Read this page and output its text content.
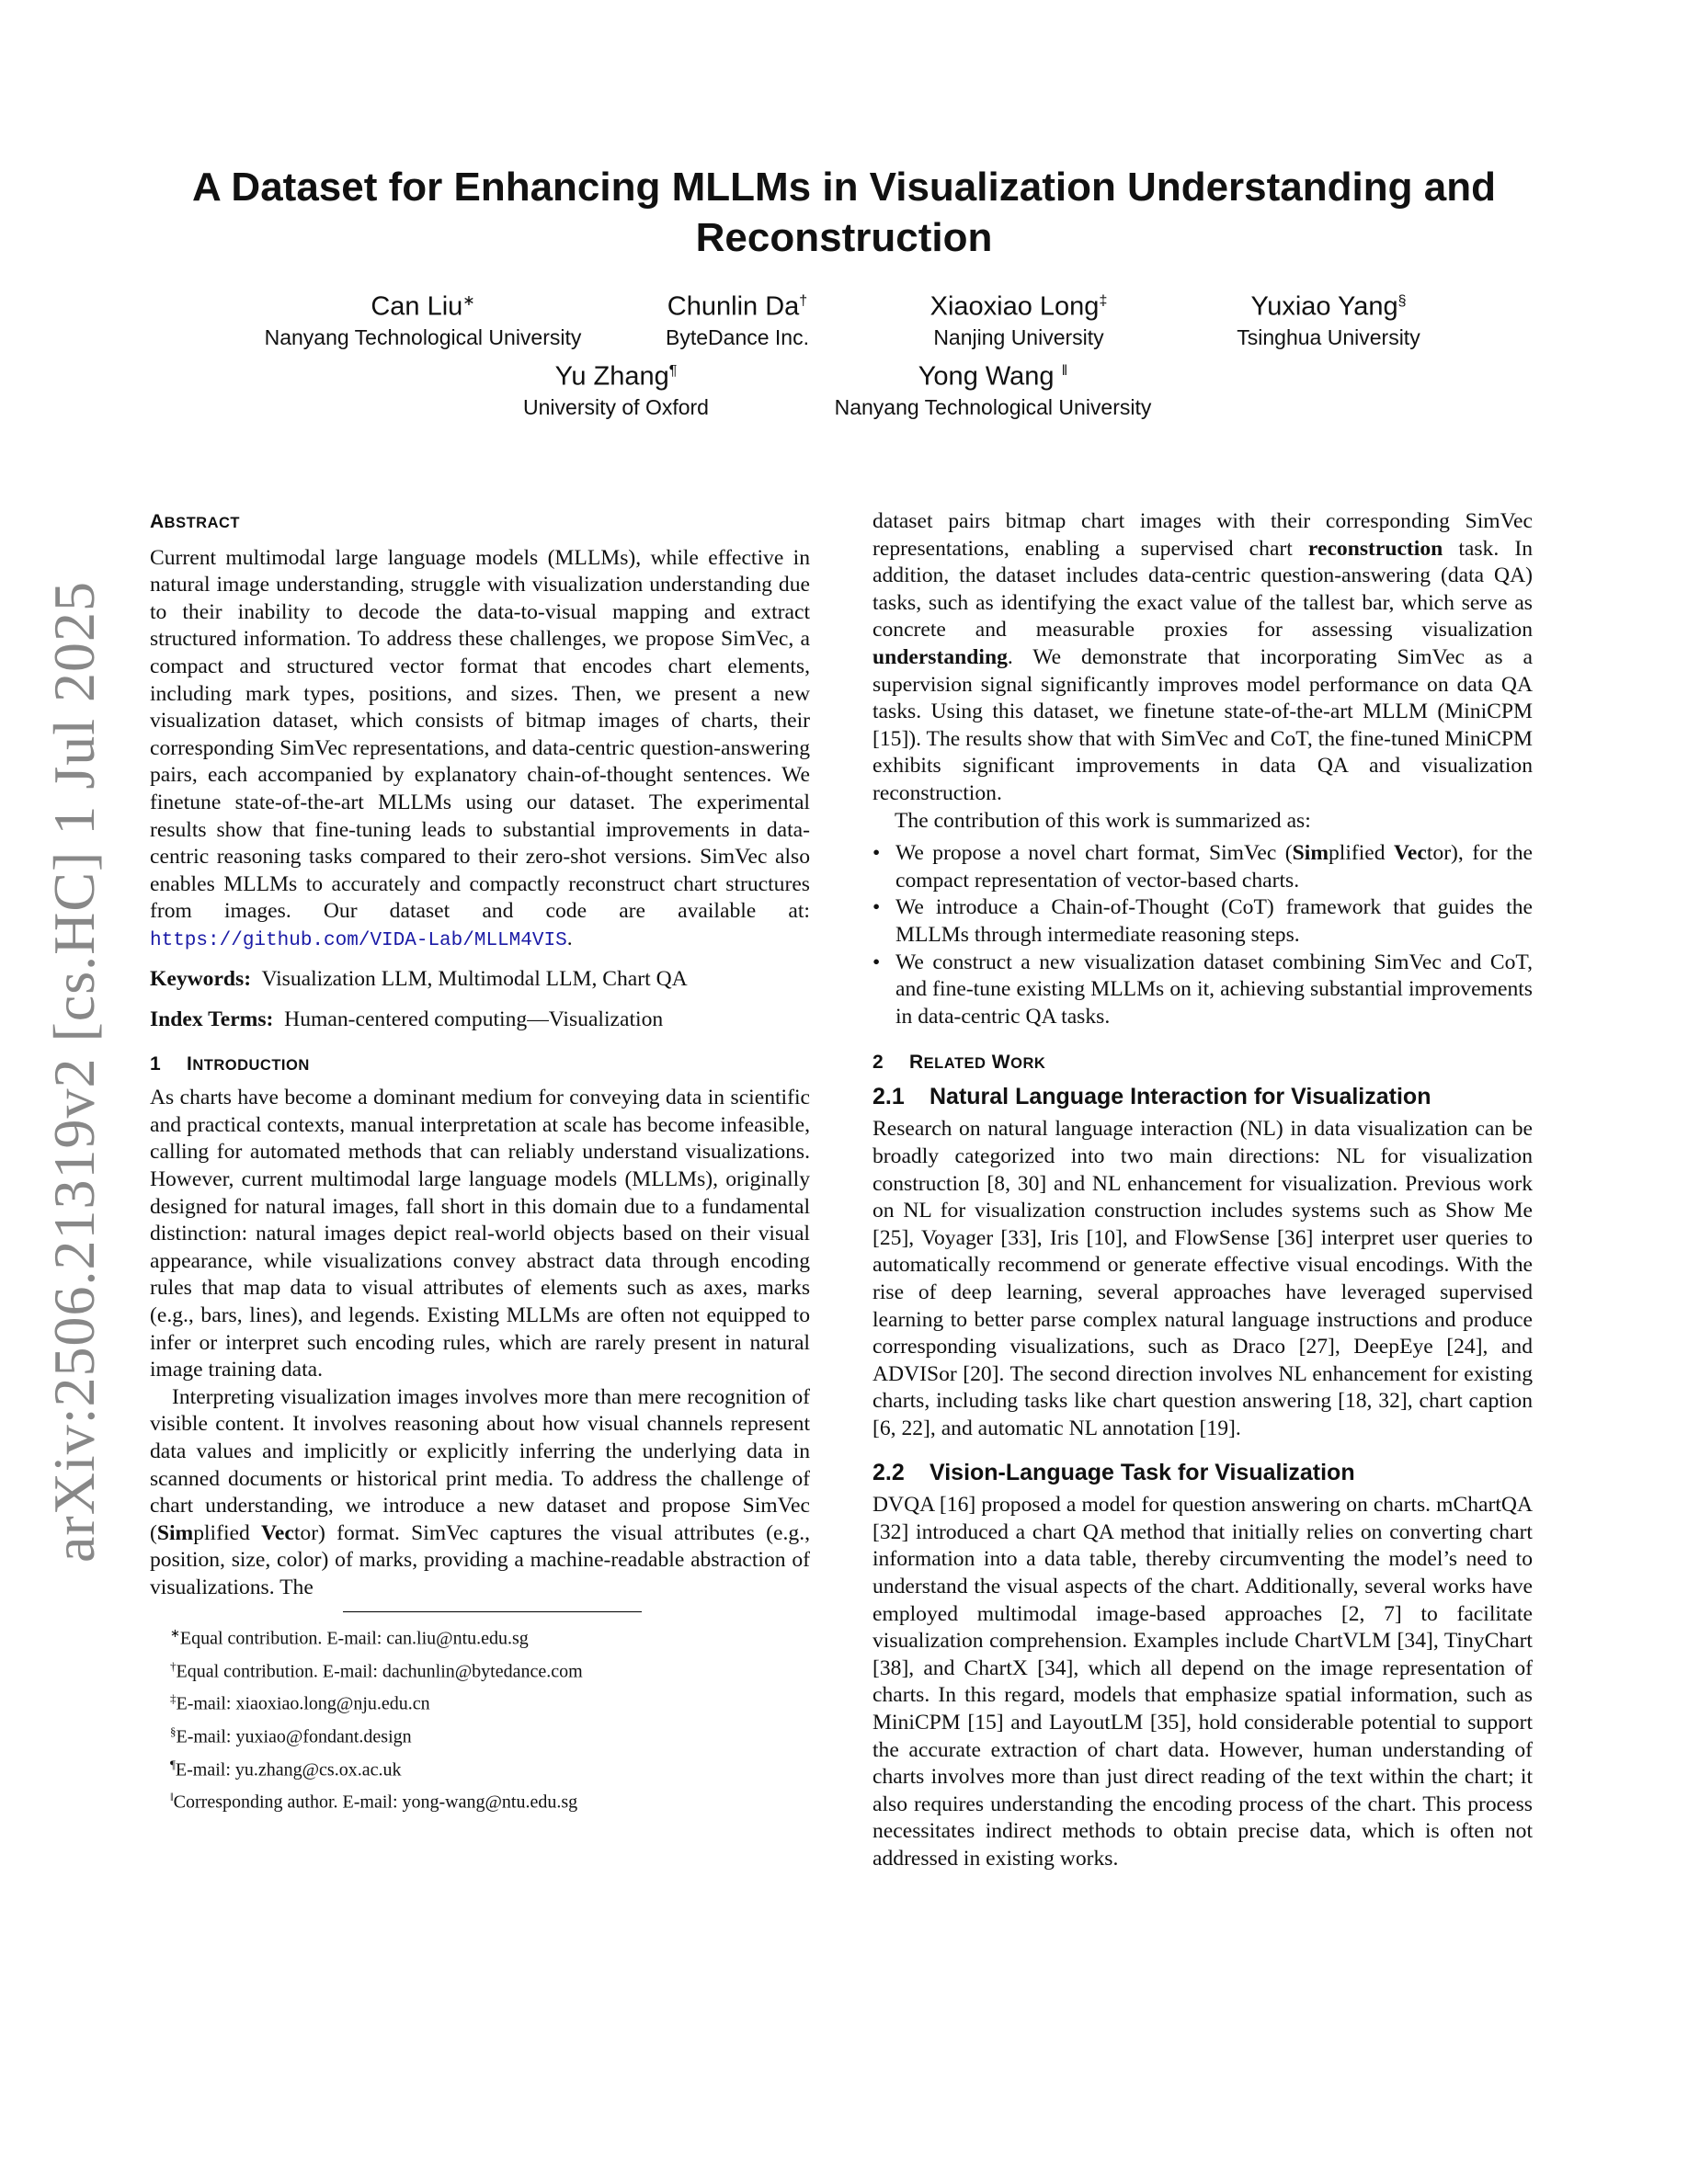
arXiv:2506.21319v2 [cs.HC] 1 Jul 2025
A Dataset for Enhancing MLLMs in Visualization Understanding and
Reconstruction
Can Liu∗
Nanyang Technological University
Chunlin Da†
ByteDance Inc.
Xiaoxiao Long‡
Nanjing University
Yuxiao Yang§
Tsinghua University
Yu Zhang¶
University of Oxford
Yong Wang ‖
Nanyang Technological University

ABSTRACT

Current multimodal large language models (MLLMs), while effective in natural image understanding, struggle with visualization understanding due to their inability to decode the data-to-visual mapping and extract structured information. To address these challenges, we propose SimVec, a compact and structured vector format that encodes chart elements, including mark types, positions, and sizes. Then, we present a new visualization dataset, which consists of bitmap images of charts, their corresponding SimVec representations, and data-centric question-answering pairs, each accompanied by explanatory chain-of-thought sentences. We finetune state-of-the-art MLLMs using our dataset. The experimental results show that fine-tuning leads to substantial improvements in data-centric reasoning tasks compared to their zero-shot versions. SimVec also enables MLLMs to accurately and compactly reconstruct chart structures from images. Our dataset and code are available at: https://github.com/VIDA-Lab/MLLM4VIS.

Keywords: Visualization LLM, Multimodal LLM, Chart QA

Index Terms: Human-centered computing—Visualization

1 INTRODUCTION

As charts have become a dominant medium for conveying data in scientific and practical contexts, manual interpretation at scale has become infeasible, calling for automated methods that can reliably understand visualizations. However, current multimodal large language models (MLLMs), originally designed for natural images, fall short in this domain due to a fundamental distinction: natural images depict real-world objects based on their visual appearance, while visualizations convey abstract data through encoding rules that map data to visual attributes of elements such as axes, marks (e.g., bars, lines), and legends. Existing MLLMs are often not equipped to infer or interpret such encoding rules, which are rarely present in natural image training data.

Interpreting visualization images involves more than mere recognition of visible content. It involves reasoning about how visual channels represent data values and implicitly or explicitly inferring the underlying data in scanned documents or historical print media. To address the challenge of chart understanding, we introduce a new dataset and propose SimVec (Simplified Vector) format. SimVec captures the visual attributes (e.g., position, size, color) of marks, providing a machine-readable abstraction of visualizations. The

∗Equal contribution. E-mail: can.liu@ntu.edu.sg
†Equal contribution. E-mail: dachunlin@bytedance.com
‡E-mail: xiaoxiao.long@nju.edu.cn
§E-mail: yuxiao@fondant.design
¶E-mail: yu.zhang@cs.ox.ac.uk
‖Corresponding author. E-mail: yong-wang@ntu.edu.sg

dataset pairs bitmap chart images with their corresponding SimVec representations, enabling a supervised chart reconstruction task. In addition, the dataset includes data-centric question-answering (data QA) tasks, such as identifying the exact value of the tallest bar, which serve as concrete and measurable proxies for assessing visualization understanding. We demonstrate that incorporating SimVec as a supervision signal significantly improves model performance on data QA tasks. Using this dataset, we finetune state-of-the-art MLLM (MiniCPM [15]). The results show that with SimVec and CoT, the fine-tuned MiniCPM exhibits significant improvements in data QA and visualization reconstruction.

The contribution of this work is summarized as:

• We propose a novel chart format, SimVec (Simplified Vector), for the compact representation of vector-based charts.
• We introduce a Chain-of-Thought (CoT) framework that guides the MLLMs through intermediate reasoning steps.
• We construct a new visualization dataset combining SimVec and CoT, and fine-tune existing MLLMs on it, achieving substantial improvements in data-centric QA tasks.

2 RELATED WORK

2.1 Natural Language Interaction for Visualization

Research on natural language interaction (NL) in data visualization can be broadly categorized into two main directions: NL for visualization construction [8, 30] and NL enhancement for visualization. Previous work on NL for visualization construction includes systems such as Show Me [25], Voyager [33], Iris [10], and FlowSense [36] interpret user queries to automatically recommend or generate effective visual encodings. With the rise of deep learning, several approaches have leveraged supervised learning to better parse complex natural language instructions and produce corresponding visualizations, such as Draco [27], DeepEye [24], and ADVISor [20]. The second direction involves NL enhancement for existing charts, including tasks like chart question answering [18, 32], chart caption [6, 22], and automatic NL annotation [19].

2.2 Vision-Language Task for Visualization

DVQA [16] proposed a model for question answering on charts. mChartQA [32] introduced a chart QA method that initially relies on converting chart information into a data table, thereby circumventing the model’s need to understand the visual aspects of the chart. Additionally, several works have employed multimodal image-based approaches [2, 7] to facilitate visualization comprehension. Examples include ChartVLM [34], TinyChart [38], and ChartX [34], which all depend on the image representation of charts. In this regard, models that emphasize spatial information, such as MiniCPM [15] and LayoutLM [35], hold considerable potential to support the accurate extraction of chart data. However, human understanding of charts involves more than just direct reading of the text within the chart; it also requires understanding the encoding process of the chart. This process necessitates indirect methods to obtain precise data, which is often not addressed in existing works.
